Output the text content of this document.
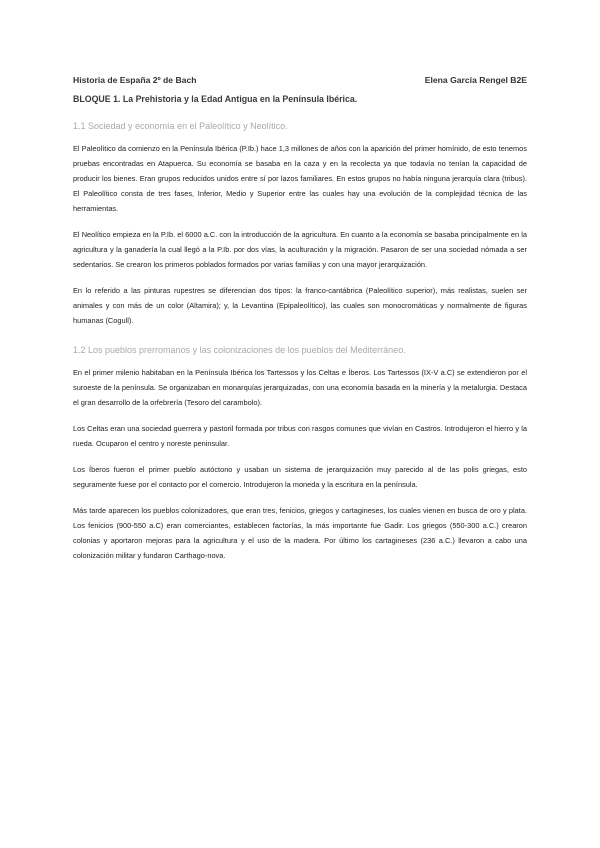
Historia de España 2º de Bach	Elena García Rengel B2E
BLOQUE 1. La Prehistoria y la Edad Antigua en la Península Ibérica.
1.1 Sociedad y economía en el Paleolítico y Neolítico.

El Paleolítico da comienzo en la Península Ibérica (P.Ib.) hace 1,3 millones de años con la aparición del primer homínido, de esto tenemos pruebas encontradas en Atapuerca. Su economía se basaba en la caza y en la recolecta ya que todavía no tenían la capacidad de producir los bienes. Eran grupos reducidos unidos entre sí por lazos familiares. En estos grupos no había ninguna jerarquía clara (tribus). El Paleolítico consta de tres fases, Inferior, Medio y Superior entre las cuales hay una evolución de la complejidad técnica de las herramientas.

El Neolítico empieza en la P.Ib. el 6000 a.C. con la introducción de la agricultura. En cuanto a la economía se basaba principalmente en la agricultura y la ganadería la cual llegó a la P.Ib. por dos vías, la aculturación y la migración. Pasaron de ser una sociedad nómada a ser sedentarios. Se crearon los primeros poblados formados por varias familias y con una mayor jerarquización.

En lo referido a las pinturas rupestres se diferencian dos tipos: la franco-cantábrica (Paleolítico superior), más realistas, suelen ser animales y con más de un color (Altamira); y, la Levantina (Epipaleolítico), las cuales son monocromáticas y normalmente de figuras humanas (Cogull).

1.2 Los pueblos prerromanos y las colonizaciones de los pueblos del Mediterráneo.

En el primer milenio habitaban en la Península Ibérica los Tartessos y los Celtas e Íberos. Los Tartessos (IX-V a.C) se extendieron por el suroeste de la península. Se organizaban en monarquías jerarquizadas, con una economía basada en la minería y la metalurgia. Destaca el gran desarrollo de la orfebrería (Tesoro del carambolo).

Los Celtas eran una sociedad guerrera y pastoril formada por tribus con rasgos comunes que vivían en Castros. Introdujeron el hierro y la rueda. Ocuparon el centro y noreste peninsular.

Los Íberos fueron el primer pueblo autóctono y usaban un sistema de jerarquización muy parecido al de las polis griegas, esto seguramente fuese por el contacto por el comercio. Introdujeron la moneda y la escritura en la península.

Más tarde aparecen los pueblos colonizadores, que eran tres, fenicios, griegos y cartagineses, los cuales vienen en busca de oro y plata. Los fenicios (900-550 a.C) eran comerciantes, establecen factorías, la más importante fue Gadir. Los griegos (550-300 a.C.) crearon colonias y aportaron mejoras para la agricultura y el uso de la madera. Por último los cartagineses (236 a.C.) llevaron a cabo una colonización militar y fundaron Carthago-nova.
